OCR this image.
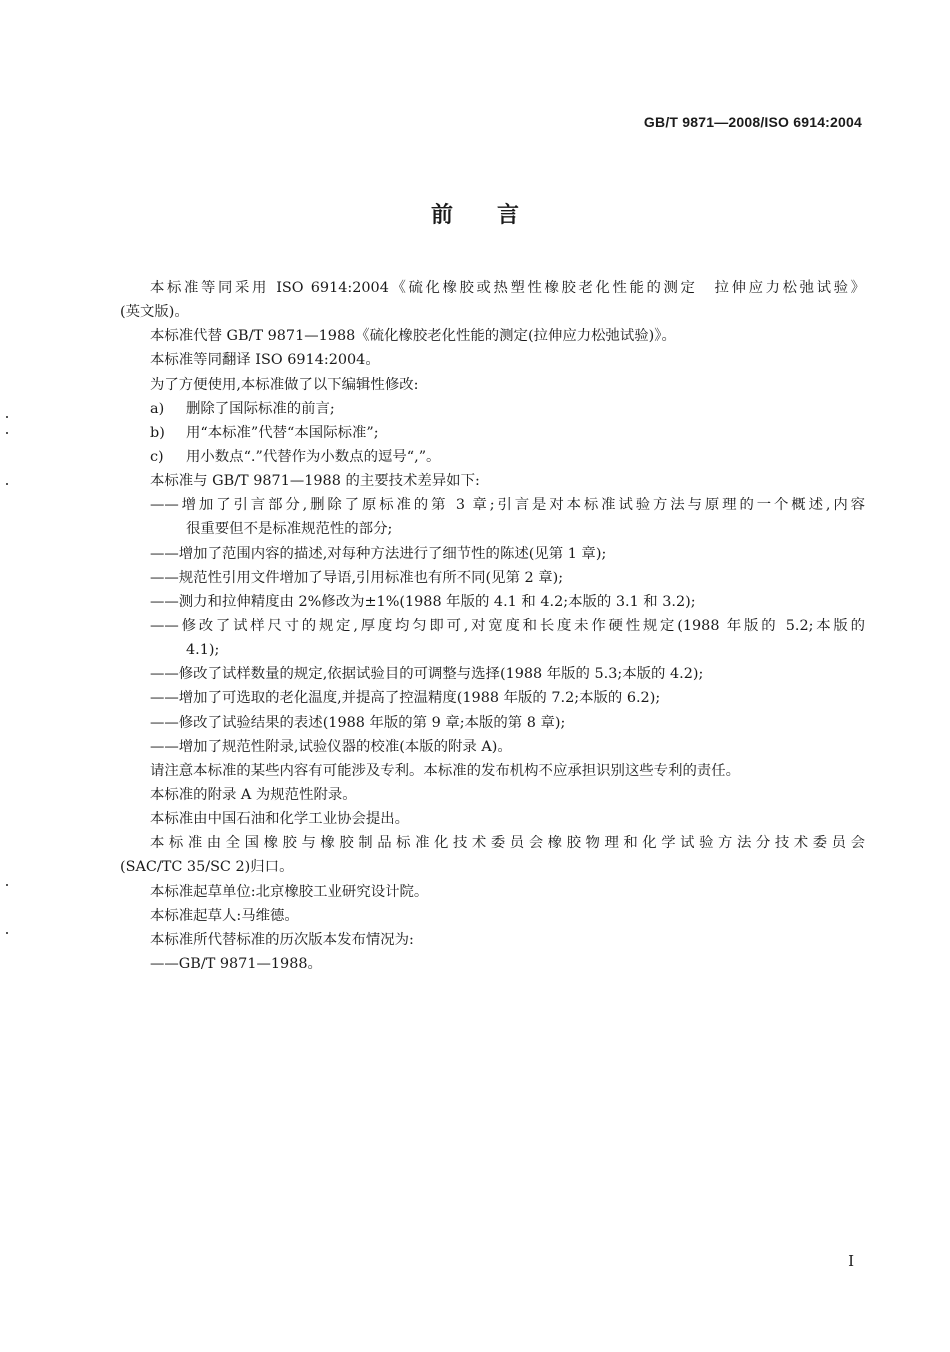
GB/T 9871—2008/ISO 6914:2004
前言
本标准等同采用 ISO 6914:2004《硫化橡胶或热塑性橡胶老化性能的测定　拉伸应力松弛试验》
(英文版)。
本标准代替 GB/T 9871—1988《硫化橡胶老化性能的测定(拉伸应力松弛试验)》。
本标准等同翻译 ISO 6914:2004。
为了方便使用,本标准做了以下编辑性修改:
a)	删除了国际标准的前言;
b)	用“本标准”代替“本国际标准”;
c)	用小数点“.”代替作为小数点的逗号“,”。
本标准与 GB/T 9871—1988 的主要技术差异如下:
——增加了引言部分,删除了原标准的第 3 章;引言是对本标准试验方法与原理的一个概述,内容
很重要但不是标准规范性的部分;
——增加了范围内容的描述,对每种方法进行了细节性的陈述(见第 1 章);
——规范性引用文件增加了导语,引用标准也有所不同(见第 2 章);
——测力和拉伸精度由 2%修改为±1%(1988 年版的 4.1 和 4.2;本版的 3.1 和 3.2);
——修改了试样尺寸的规定,厚度均匀即可,对宽度和长度未作硬性规定(1988 年版的 5.2;本版的
4.1);
——修改了试样数量的规定,依据试验目的可调整与选择(1988 年版的 5.3;本版的 4.2);
——增加了可选取的老化温度,并提高了控温精度(1988 年版的 7.2;本版的 6.2);
——修改了试验结果的表述(1988 年版的第 9 章;本版的第 8 章);
——增加了规范性附录,试验仪器的校准(本版的附录 A)。
请注意本标准的某些内容有可能涉及专利。本标准的发布机构不应承担识别这些专利的责任。
本标准的附录 A 为规范性附录。
本标准由中国石油和化学工业协会提出。
本标准由全国橡胶与橡胶制品标准化技术委员会橡胶物理和化学试验方法分技术委员会
(SAC/TC 35/SC 2)归口。
本标准起草单位:北京橡胶工业研究设计院。
本标准起草人:马维德。
本标准所代替标准的历次版本发布情况为:
——GB/T 9871—1988。
I
